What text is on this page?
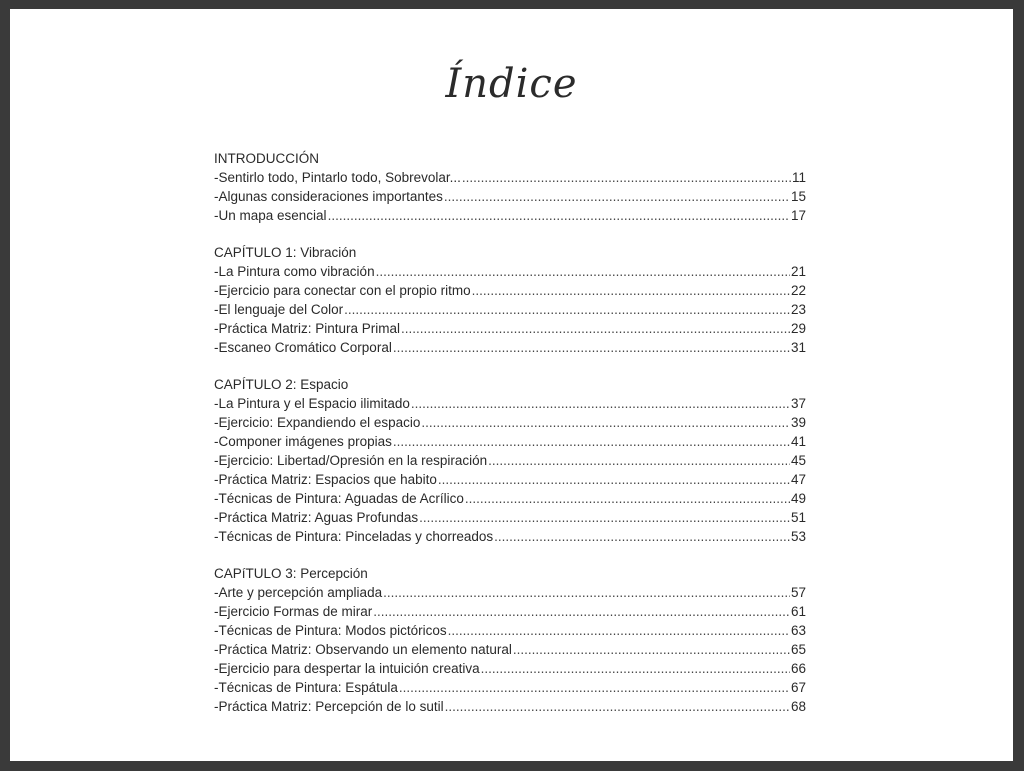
Índice
INTRODUCCIÓN
-Sentirlo todo, Pintarlo todo, Sobrevolar... .....	11
-Algunas consideraciones importantes .....	15
-Un mapa esencial .....	17
CAPÍTULO 1: Vibración
-La Pintura como vibración .....	21
-Ejercicio para conectar con el propio ritmo .....	22
-El lenguaje del Color .....	23
-Práctica Matriz: Pintura Primal .....	29
-Escaneo Cromático Corporal .....	31
CAPÍTULO 2: Espacio
-La Pintura y el Espacio ilimitado .....	37
-Ejercicio: Expandiendo el espacio .....	39
-Componer imágenes propias .....	41
-Ejercicio: Libertad/Opresión en la respiración .....	45
-Práctica Matriz: Espacios que habito .....	47
-Técnicas de Pintura: Aguadas de Acrílico .....	49
-Práctica Matriz: Aguas Profundas .....	51
-Técnicas de Pintura: Pinceladas y chorreados .....	53
CAPíTULO 3: Percepción
-Arte y percepción ampliada .....	57
-Ejercicio Formas de mirar .....	61
-Técnicas de Pintura: Modos pictóricos .....	63
-Práctica Matriz: Observando un elemento natural .....	65
-Ejercicio para despertar la intuición creativa .....	66
-Técnicas de Pintura: Espátula .....	67
-Práctica Matriz: Percepción de lo sutil .....	68
